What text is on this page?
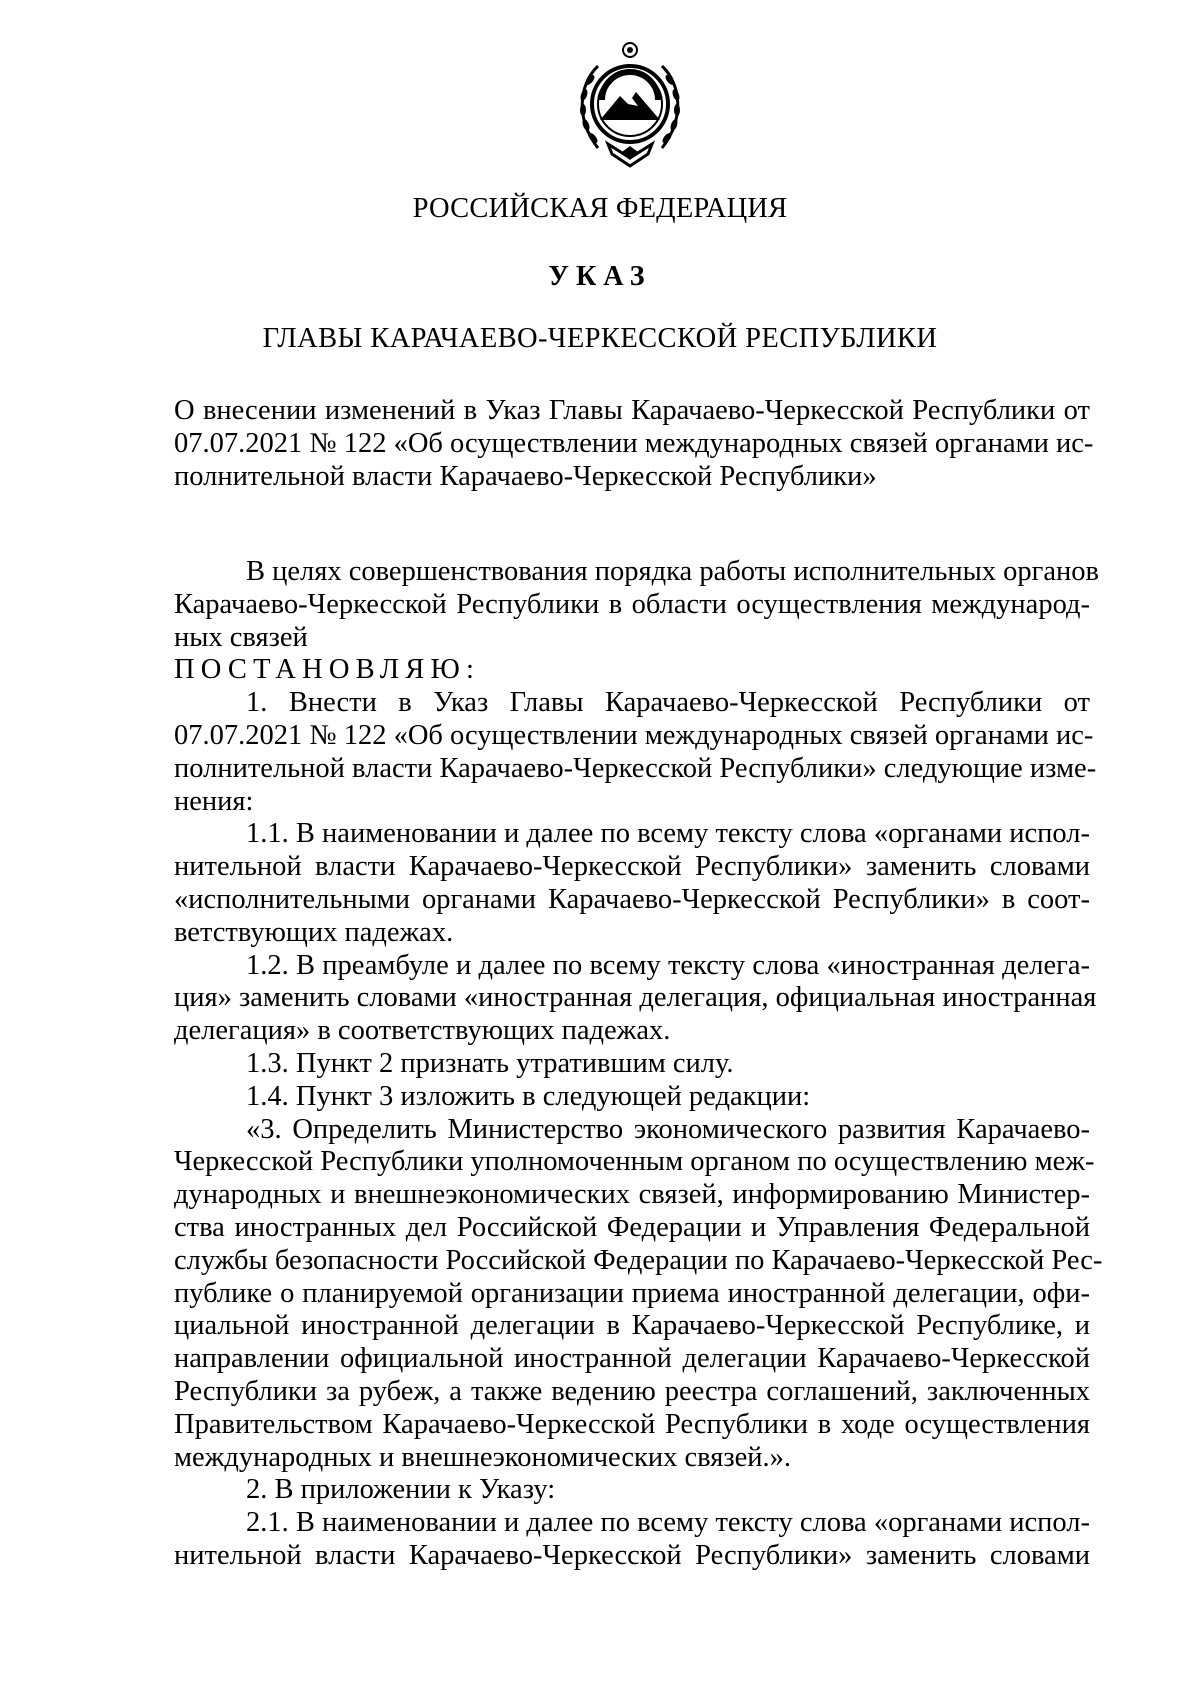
РОССИЙСКАЯ ФЕДЕРАЦИЯ
УКАЗ
ГЛАВЫ КАРАЧАЕВО-ЧЕРКЕССКОЙ РЕСПУБЛИКИ
О внесении изменений в Указ Главы Карачаево-Черкесской Республики от
07.07.2021 № 122 «Об осуществлении международных связей органами ис-
полнительной власти Карачаево-Черкесской Республики»
В целях совершенствования порядка работы исполнительных органов
Карачаево-Черкесской Республики в области осуществления международ-
ных связей
ПОСТАНОВЛЯЮ:
1. Внести в Указ Главы Карачаево-Черкесской Республики от
07.07.2021 № 122 «Об осуществлении международных связей органами ис-
полнительной власти Карачаево-Черкесской Республики» следующие изме-
нения:
1.1. В наименовании и далее по всему тексту слова «органами испол-
нительной власти Карачаево-Черкесской Республики» заменить словами
«исполнительными органами Карачаево-Черкесской Республики» в соот-
ветствующих падежах.
1.2. В преамбуле и далее по всему тексту слова «иностранная делега-
ция» заменить словами «иностранная делегация, официальная иностранная
делегация» в соответствующих падежах.
1.3. Пункт 2 признать утратившим силу.
1.4. Пункт 3 изложить в следующей редакции:
«3. Определить Министерство экономического развития Карачаево-
Черкесской Республики уполномоченным органом по осуществлению меж-
дународных и внешнеэкономических связей, информированию Министер-
ства иностранных дел Российской Федерации и Управления Федеральной
службы безопасности Российской Федерации по Карачаево-Черкесской Рес-
публике о планируемой организации приема иностранной делегации, офи-
циальной иностранной делегации в Карачаево-Черкесской Республике, и
направлении официальной иностранной делегации Карачаево-Черкесской
Республики за рубеж, а также ведению реестра соглашений, заключенных
Правительством Карачаево-Черкесской Республики в ходе осуществления
международных и внешнеэкономических связей.».
2. В приложении к Указу:
2.1. В наименовании и далее по всему тексту слова «органами испол-
нительной власти Карачаево-Черкесской Республики» заменить словами
